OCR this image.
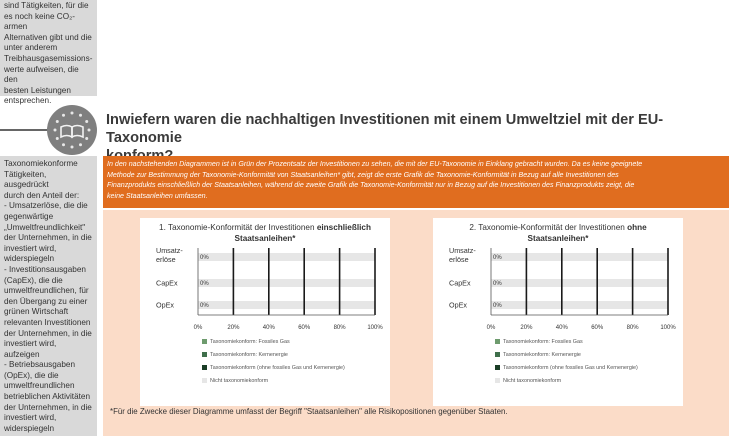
sind Tätigkeiten, für die
es noch keine CO₂-armen
Alternativen gibt und die
unter anderem
Treibhausgasemissions-
werte aufweisen, die den
besten Leistungen
entsprechen.
Taxonomiekonforme
Tätigkeiten, ausgedrückt
durch den Anteil der:
- Umsatzerlöse, die die
gegenwärtige
„Umweltfreundlichkeit"
der Unternehmen, in die
investiert wird,
widerspiegeln
- Investitionsausgaben
(CapEx), die die
umweltfreundlichen, für
den Übergang zu einer
grünen Wirtschaft
relevanten Investitionen
der Unternehmen, in die
investiert wird, aufzeigen
- Betriebsausgaben
(OpEx), die die
umweltfreundlichen
betrieblichen Aktivitäten
der Unternehmen, in die
investiert wird,
widerspiegeln
Inwiefern waren die nachhaltigen Investitionen mit einem Umweltziel mit der EU-Taxonomie
In den nachstehenden Diagrammen ist in Grün der Prozentsatz der Investitionen zu sehen, die mit der EU-Taxonomie in Einklang gebracht wurden. Da es keine geeignete
Methode zur Bestimmung der Taxonomie-Konformität von Staatsanleihen* gibt, zeigt die erste Grafik die Taxonomie-Konformität in Bezug auf alle Investitionen des
Finanzprodukts einschließlich der Staatsanleihen, während die zweite Grafik die Taxonomie-Konformität nur in Bezug auf die Investitionen des Finanzprodukts zeigt, die
keine Staatsanleihen umfassen.
1. Taxonomie-Konformität der Investitionen einschließlich
Staatsanleihen*
0%	20%	40%	60%	80%	100%
Umsatz-erlöse	0%
CapEx	0%
OpEx	0%
Taxonomiekonform: Fossiles Gas
Taxonomiekonform: Kernenergie
Taxonomiekonform (ohne fossiles Gas und Kernenergie)
Nicht taxonomiekonform
2. Taxonomie-Konformität der Investitionen ohne
Staatsanleihen*
0%	20%	40%	60%	80%	100%
Umsatz-erlöse	0%
CapEx	0%
OpEx	0%
Taxonomiekonform: Fossiles Gas
Taxonomiekonform: Kernenergie
Taxonomiekonform (ohne fossiles Gas und Kernenergie)
Nicht taxonomiekonform
*Für die Zwecke dieser Diagramme umfasst der Begriff "Staatsanleihen" alle Risikopositionen gegenüber Staaten.
